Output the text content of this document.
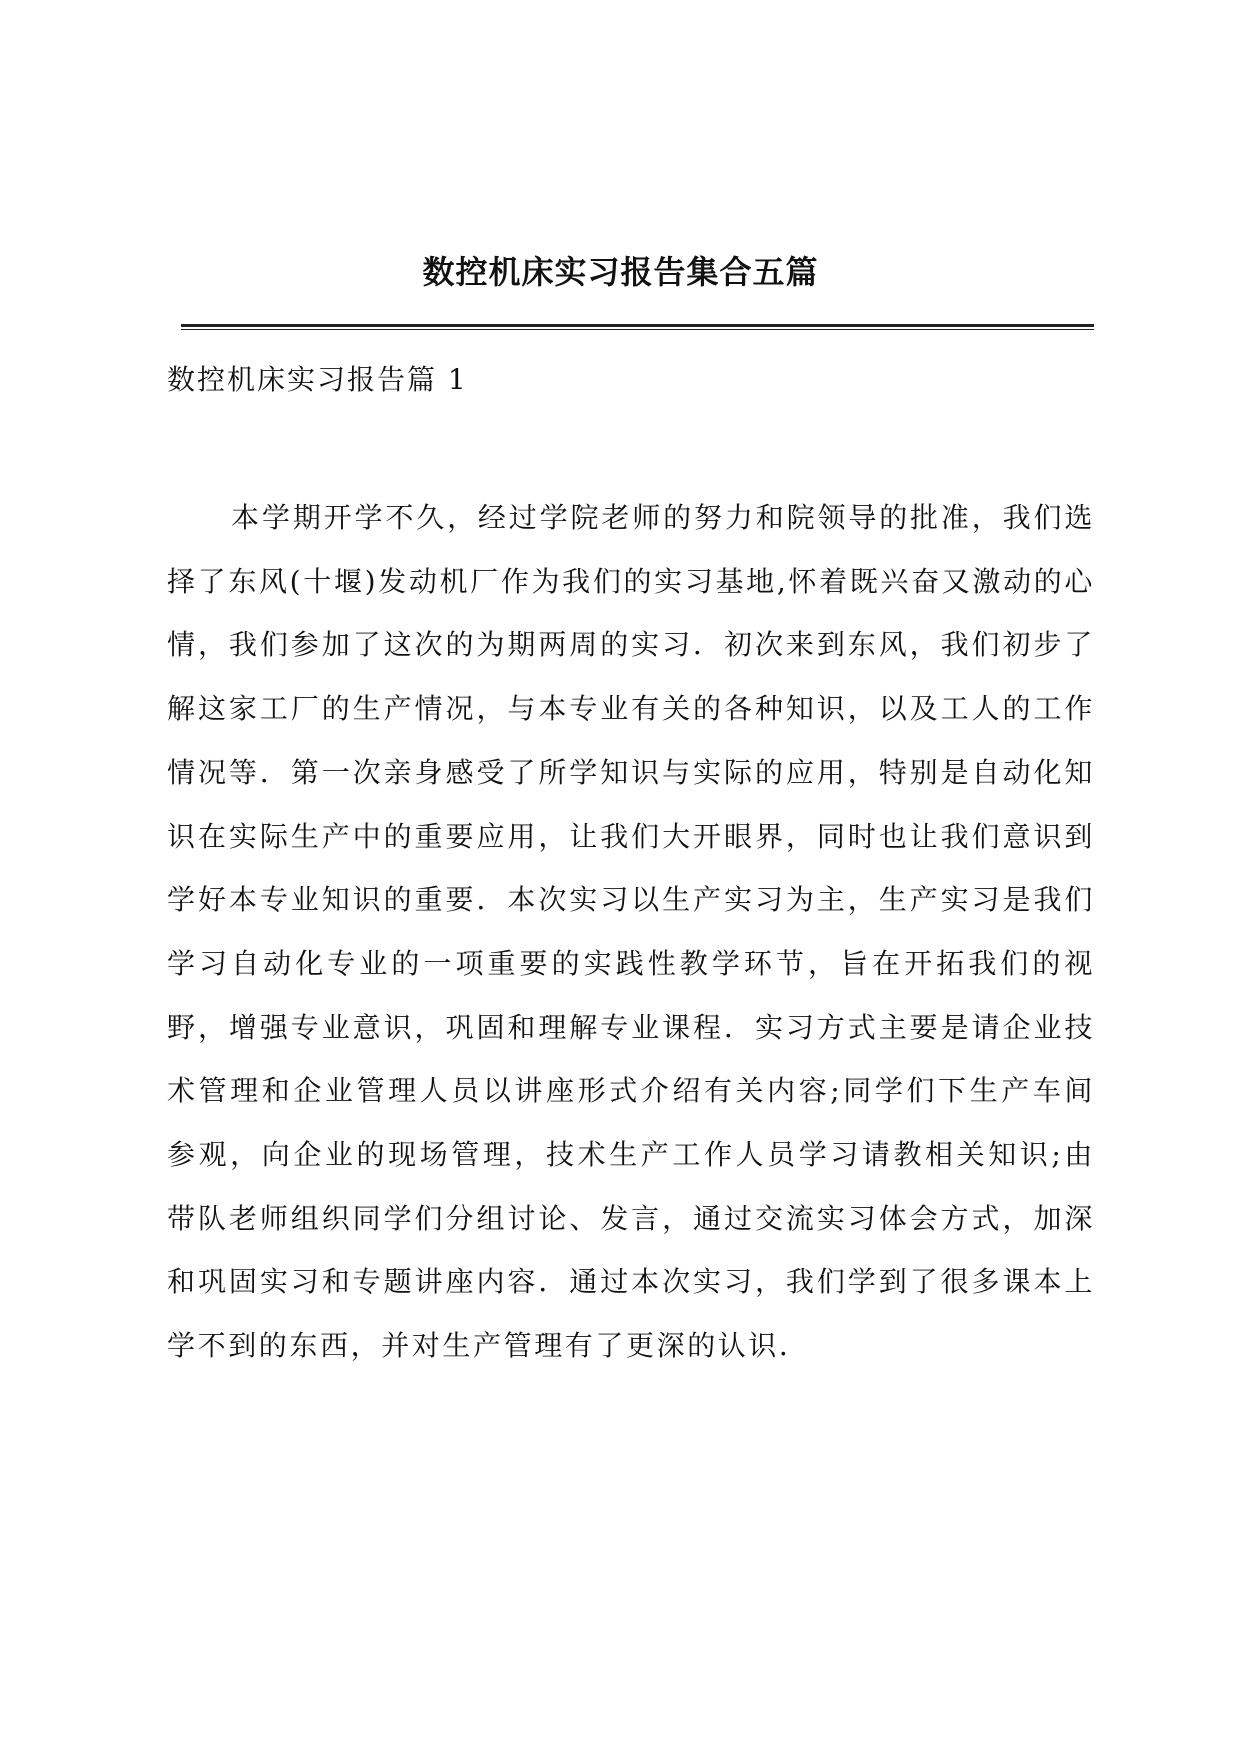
数控机床实习报告集合五篇
数控机床实习报告篇 1

本学期开学不久，经过学院老师的努力和院领导的批准，我们选择了东风(十堰)发动机厂作为我们的实习基地,怀着既兴奋又激动的心情，我们参加了这次的为期两周的实习．初次来到东风，我们初步了解这家工厂的生产情况，与本专业有关的各种知识，以及工人的工作情况等．第一次亲身感受了所学知识与实际的应用，特别是自动化知识在实际生产中的重要应用，让我们大开眼界，同时也让我们意识到学好本专业知识的重要．本次实习以生产实习为主，生产实习是我们学习自动化专业的一项重要的实践性教学环节，旨在开拓我们的视野，增强专业意识，巩固和理解专业课程．实习方式主要是请企业技术管理和企业管理人员以讲座形式介绍有关内容;同学们下生产车间参观，向企业的现场管理，技术生产工作人员学习请教相关知识;由带队老师组织同学们分组讨论、发言，通过交流实习体会方式，加深和巩固实习和专题讲座内容．通过本次实习，我们学到了很多课本上学不到的东西，并对生产管理有了更深的认识．
